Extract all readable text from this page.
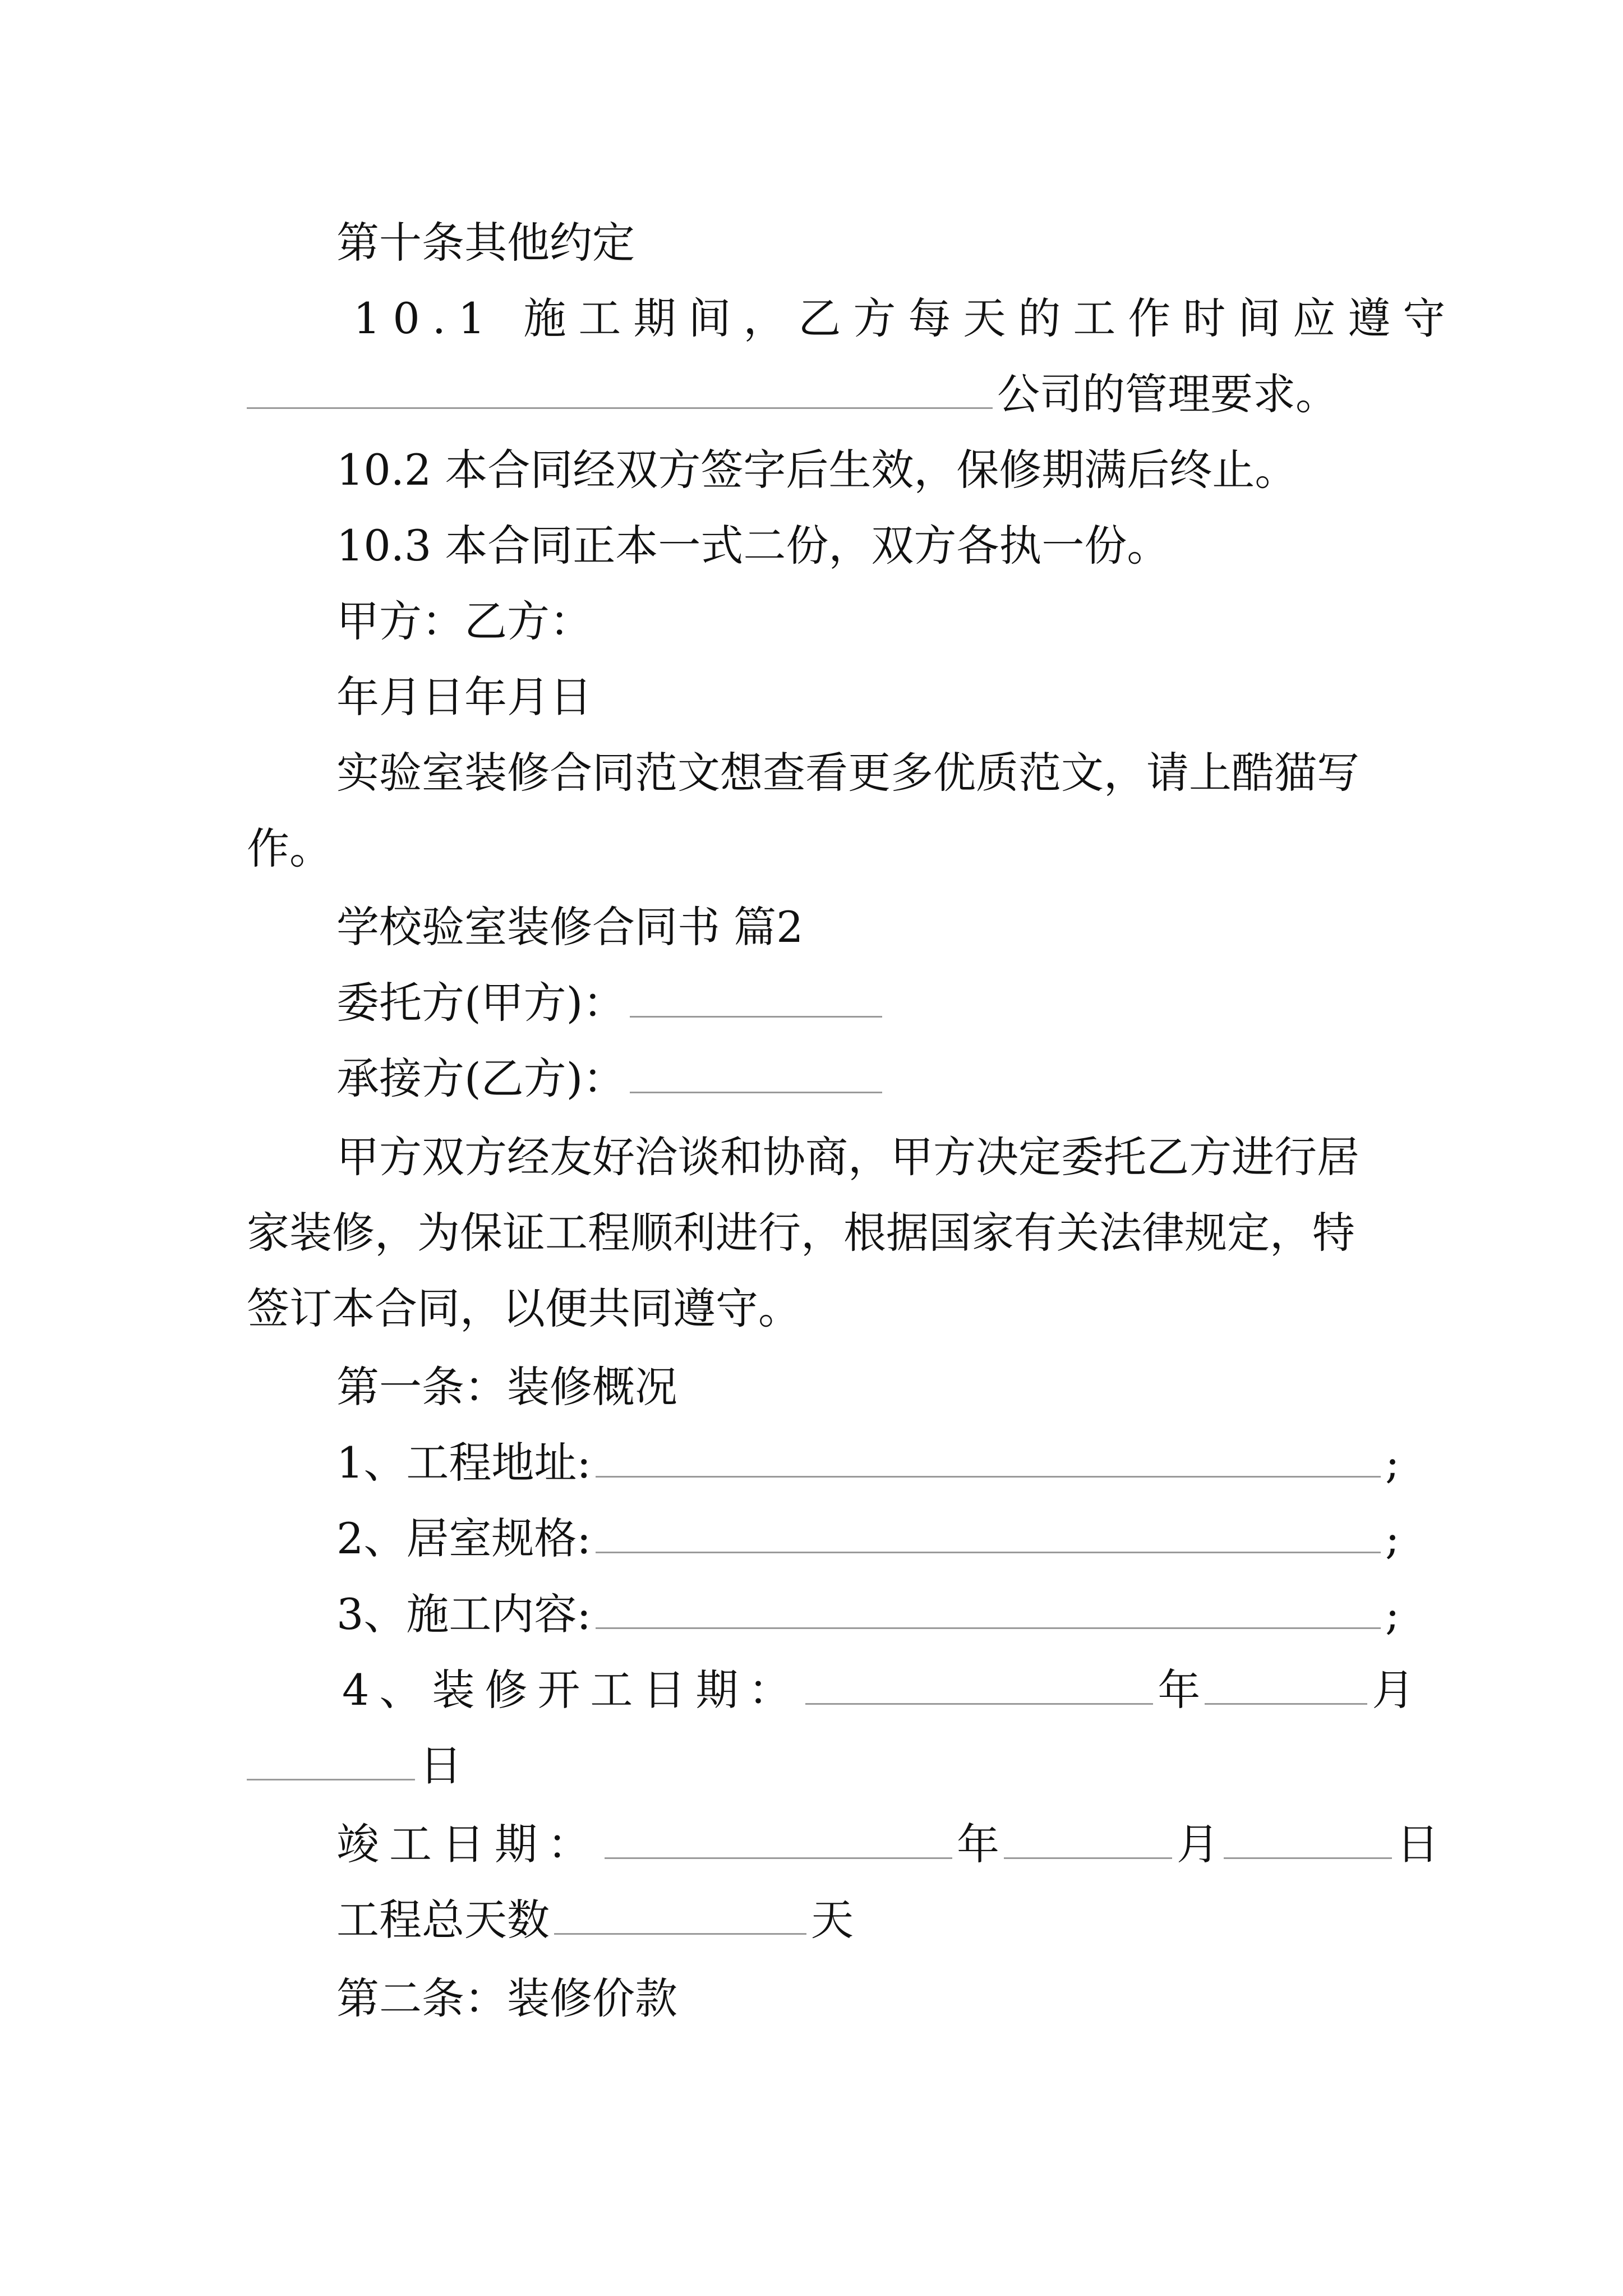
第十条其他约定
10.1 施工期间，乙方每天的工作时间应遵守
公司的管理要求。
10.2 本合同经双方签字后生效，保修期满后终止。
10.3 本合同正本一式二份，双方各执一份。
甲方：乙方：
年月日年月日
实验室装修合同范文想查看更多优质范文，请上酷猫写
作。
学校验室装修合同书 篇2
委托方(甲方)：
承接方(乙方)：
甲方双方经友好洽谈和协商，甲方决定委托乙方进行居
家装修，为保证工程顺利进行，根据国家有关法律规定，特
签订本合同，以便共同遵守。
第一条：装修概况
1、工程地址:	;
2、居室规格:	;
3、施工内容:	;
4、装修开工日期：	年	月
日
竣工日期：	年	月	日
工程总天数	天
第二条：装修价款
